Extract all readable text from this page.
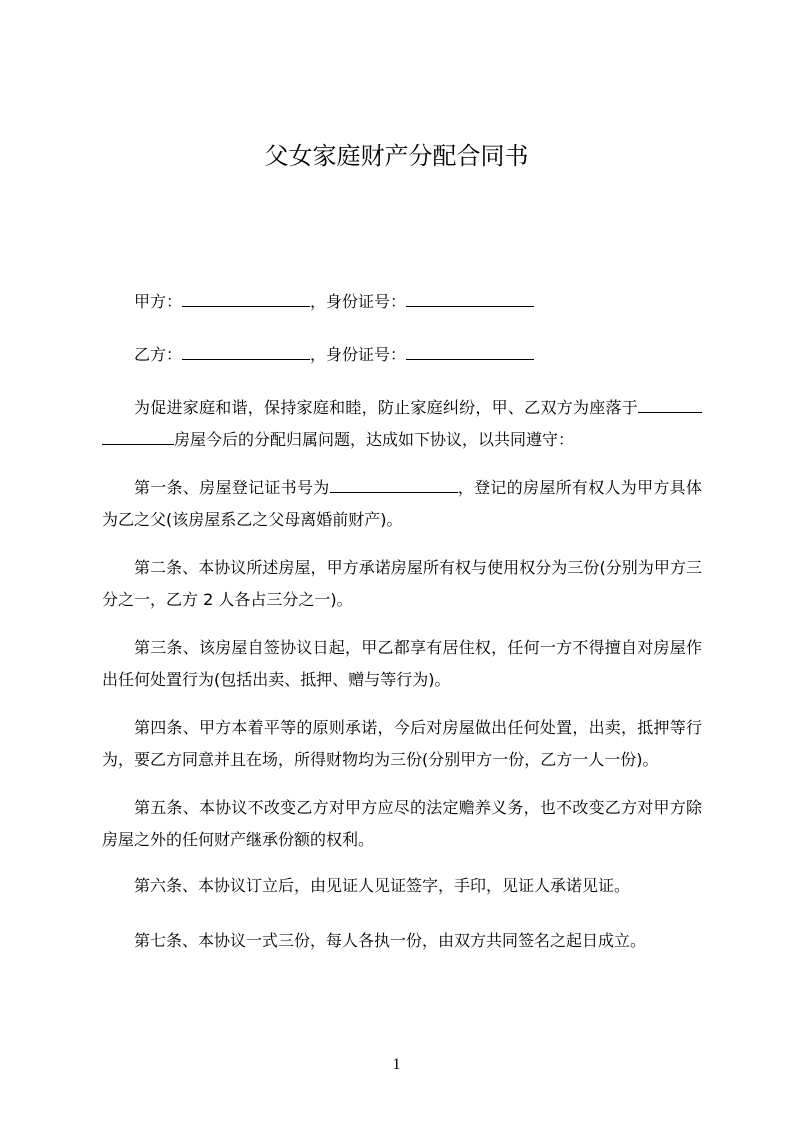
父女家庭财产分配合同书
甲方：	，身份证号：
乙方：	，身份证号：

为促进家庭和谐，保持家庭和睦，防止家庭纠纷，甲、乙双方为座落于房屋今后的分配归属问题，达成如下协议，以共同遵守：

第一条、房屋登记证书号为	，登记的房屋所有权人为甲方具体为乙之父(该房屋系乙之父母离婚前财产)。

第二条、本协议所述房屋，甲方承诺房屋所有权与使用权分为三份(分别为甲方三分之一，乙方 2 人各占三分之一)。

第三条、该房屋自签协议日起，甲乙都享有居住权，任何一方不得擅自对房屋作出任何处置行为(包括出卖、抵押、赠与等行为)。

第四条、甲方本着平等的原则承诺，今后对房屋做出任何处置，出卖，抵押等行为，要乙方同意并且在场，所得财物均为三份(分别甲方一份，乙方一人一份)。

第五条、本协议不改变乙方对甲方应尽的法定赡养义务，也不改变乙方对甲方除房屋之外的任何财产继承份额的权利。

第六条、本协议订立后，由见证人见证签字，手印，见证人承诺见证。

第七条、本协议一式三份，每人各执一份，由双方共同签名之起日成立。

1
